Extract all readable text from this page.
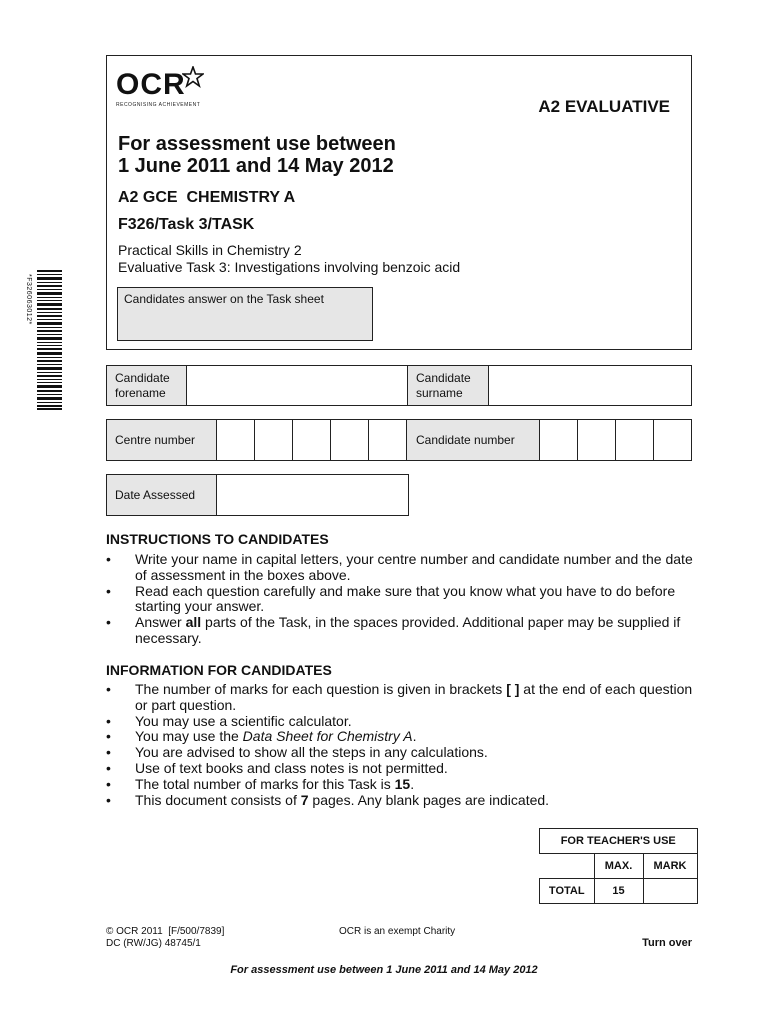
OCR
RECOGNISING ACHIEVEMENT	A2 EVALUATIVE
For assessment use between
1 June 2011 and 14 May 2012
A2 GCE  CHEMISTRY A
F326/Task 3/TASK
Practical Skills in Chemistry 2
Evaluative Task 3: Investigations involving benzoic acid
Candidates answer on the Task sheet
*F326063012*
Candidate forename
Candidate surname
Centre number	Candidate number
Date Assessed
INSTRUCTIONS TO CANDIDATES
• Write your name in capital letters, your centre number and candidate number and the date of assessment in the boxes above.
• Read each question carefully and make sure that you know what you have to do before starting your answer.
• Answer all parts of the Task, in the spaces provided. Additional paper may be supplied if necessary.
INFORMATION FOR CANDIDATES
• The number of marks for each question is given in brackets [ ] at the end of each question or part question.
• You may use a scientific calculator.
• You may use the Data Sheet for Chemistry A.
• You are advised to show all the steps in any calculations.
• Use of text books and class notes is not permitted.
• The total number of marks for this Task is 15.
• This document consists of 7 pages. Any blank pages are indicated.
FOR TEACHER'S USE		
	MAX.	MARK
TOTAL	15	
© OCR 2011  [F/500/7839]
DC (RW/JG) 48745/1
OCR is an exempt Charity
Turn over
For assessment use between 1 June 2011 and 14 May 2012
